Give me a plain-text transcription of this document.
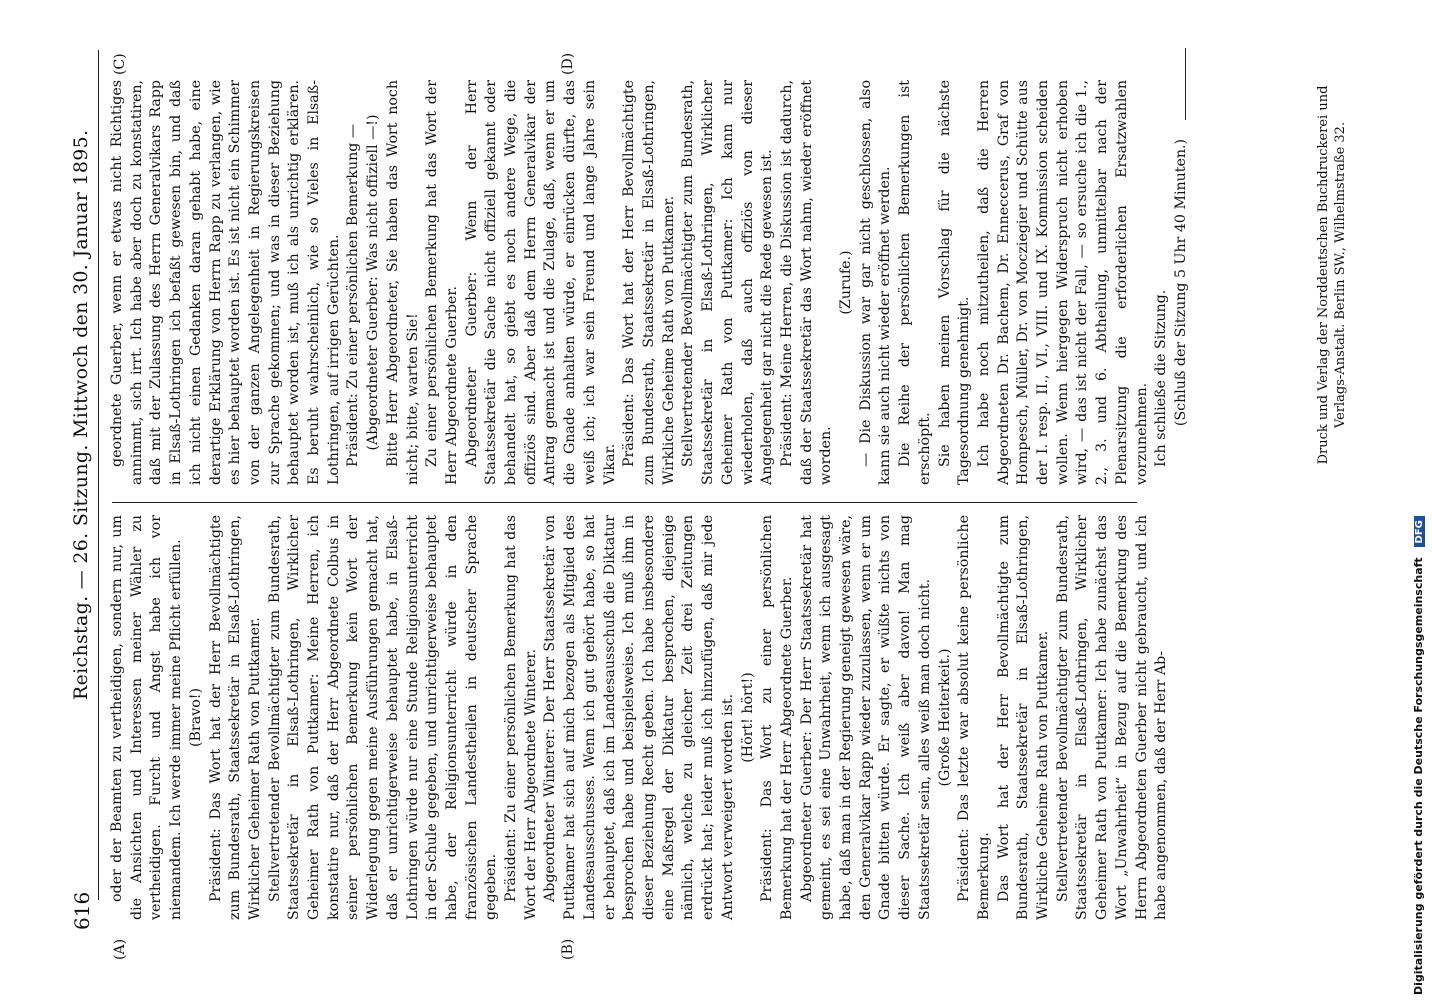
616
Reichstag. — 26. Sitzung. Mittwoch den 30. Januar 1895.
(A)	(B)
(C)	(D)

oder der Beamten zu vertheidigen, sondern nur, um die Ansichten und Interessen meiner Wähler zu vertheidigen. Furcht und Angst habe ich vor niemandem. Ich werde immer meine Pflicht erfüllen. (Bravo!) Präsident: Das Wort hat der Herr Bevollmächtigte zum Bundesrath, Staatssekretär in Elsaß-Lothringen, Wirklicher Geheimer Rath von Puttkamer. Stellvertretender Bevollmächtigter zum Bundesrath, Staatssekretär in Elsaß-Lothringen, Wirklicher Geheimer Rath von Puttkamer: Meine Herren, ich konstatire nur, daß der Herr Abgeordnete Colbus in seiner persönlichen Bemerkung kein Wort der Widerlegung gegen meine Ausführungen gemacht hat, daß er unrichtigerweise behauptet habe, in Elsaß-Lothringen würde nur eine Stunde Religionsunterricht in der Schule gegeben, und unrichtigerweise behauptet habe, der Religionsunterricht würde in den französischen Landestheilen in deutscher Sprache gegeben. Präsident: Zu einer persönlichen Bemerkung hat das Wort der Herr Abgeordnete Winterer. Abgeordneter Winterer: Der Herr Staatssekretär von Puttkamer hat sich auf mich bezogen als Mitglied des Landesausschusses. Wenn ich gut gehört habe, so hat er behauptet, daß ich im Landesausschuß die Diktatur besprochen habe und beispielsweise. Ich muß ihm in dieser Beziehung Recht geben. Ich habe insbesondere eine Maßregel der Diktatur besprochen, diejenige nämlich, welche zu gleicher Zeit drei Zeitungen erdrückt hat; leider muß ich hinzufügen, daß mir jede Antwort verweigert worden ist. (Hört! hört!) Präsident: Das Wort zu einer persönlichen Bemerkung hat der Herr Abgeordnete Guerber. Abgeordneter Guerber: Der Herr Staatssekretär hat gemeint, es sei eine Unwahrheit, wenn ich ausgesagt habe, daß man in der Regierung geneigt gewesen wäre, den Generalvikar Rapp wieder zuzulassen, wenn er um Gnade bitten würde. Er sagte, er wüßte nichts von dieser Sache. Ich weiß aber davon! Man mag Staatssekretär sein, alles weiß man doch nicht. (Große Heiterkeit.) Präsident: Das letzte war absolut keine persönliche Bemerkung. Das Wort hat der Herr Bevollmächtigte zum Bundesrath, Staatssekretär in Elsaß-Lothringen, Wirkliche Geheime Rath von Puttkamer. Stellvertretender Bevollmächtigter zum Bundesrath, Staatssekretär in Elsaß-Lothringen, Wirklicher Geheimer Rath von Puttkamer: Ich habe zunächst das Wort „Unwahrheit“ in Bezug auf die Bemerkung des Herrn Abgeordneten Guerber nicht gebraucht, und ich habe angenommen, daß der Herr Ab-

geordnete Guerber, wenn er etwas nicht Richtiges annimmt, sich irrt. Ich habe aber doch zu konstatiren, daß mit der Zulassung des Herrn Generalvikars Rapp in Elsaß-Lothringen ich befaßt gewesen bin, und daß ich nicht einen Gedanken daran gehabt habe, eine derartige Erklärung von Herrn Rapp zu verlangen, wie es hier behauptet worden ist. Es ist nicht ein Schimmer von der ganzen Angelegenheit in Regierungskreisen zur Sprache gekommen; und was in dieser Beziehung behauptet worden ist, muß ich als unrichtig erklären. Es beruht wahrscheinlich, wie so Vieles in Elsaß-Lothringen, auf irrigen Gerüchten. Präsident: Zu einer persönlichen Bemerkung — (Abgeordneter Guerber: Was nicht offiziell —!) Bitte Herr Abgeordneter, Sie haben das Wort noch nicht; bitte, warten Sie! Zu einer persönlichen Bemerkung hat das Wort der Herr Abgeordnete Guerber. Abgeordneter Guerber: Wenn der Herr Staatssekretär die Sache nicht offiziell gekannt oder behandelt hat, so giebt es noch andere Wege, die offiziös sind. Aber daß dem Herrn Generalvikar der Antrag gemacht ist und die Zulage, daß, wenn er um die Gnade anhalten würde, er einrücken dürfte, das weiß ich; ich war sein Freund und lange Jahre sein Vikar. Präsident: Das Wort hat der Herr Bevollmächtigte zum Bundesrath, Staatssekretär in Elsaß-Lothringen, Wirkliche Geheime Rath von Puttkamer. Stellvertretender Bevollmächtigter zum Bundesrath, Staatssekretär in Elsaß-Lothringen, Wirklicher Geheimer Rath von Puttkamer: Ich kann nur wiederholen, daß auch offiziös von dieser Angelegenheit gar nicht die Rede gewesen ist. Präsident: Meine Herren, die Diskussion ist dadurch, daß der Staatssekretär das Wort nahm, wieder eröffnet worden.

(Zurufe.) — Die Diskussion war gar nicht geschlossen, also kann sie auch nicht wieder eröffnet werden. Die Reihe der persönlichen Bemerkungen ist erschöpft. Sie haben meinen Vorschlag für die nächste Tagesordnung genehmigt. Ich habe noch mitzutheilen, daß die Herren Abgeordneten Dr. Bachem, Dr. Enneccerus, Graf von Hompesch, Müller, Dr. von Mocziegier und Schütte aus der I. resp. II., VI., VIII. und IX. Kommission scheiden wollen. Wenn hiergegen Widerspruch nicht erhoben wird, — das ist nicht der Fall, — so ersuche ich die 1., 2., 3. und 6. Abtheilung, unmittelbar nach der Plenarsitzung die erforderlichen Ersatzwahlen vorzunehmen. Ich schließe die Sitzung. (Schluß der Sitzung 5 Uhr 40 Minuten.)	Druck und Verlag der Norddeutschen Buchdruckerei und Verlags-Anstalt. Berlin SW., Wilhelmstraße 32.
Digitalisierung gefördert durch die Deutsche Forschungsgemeinschaft DFG
